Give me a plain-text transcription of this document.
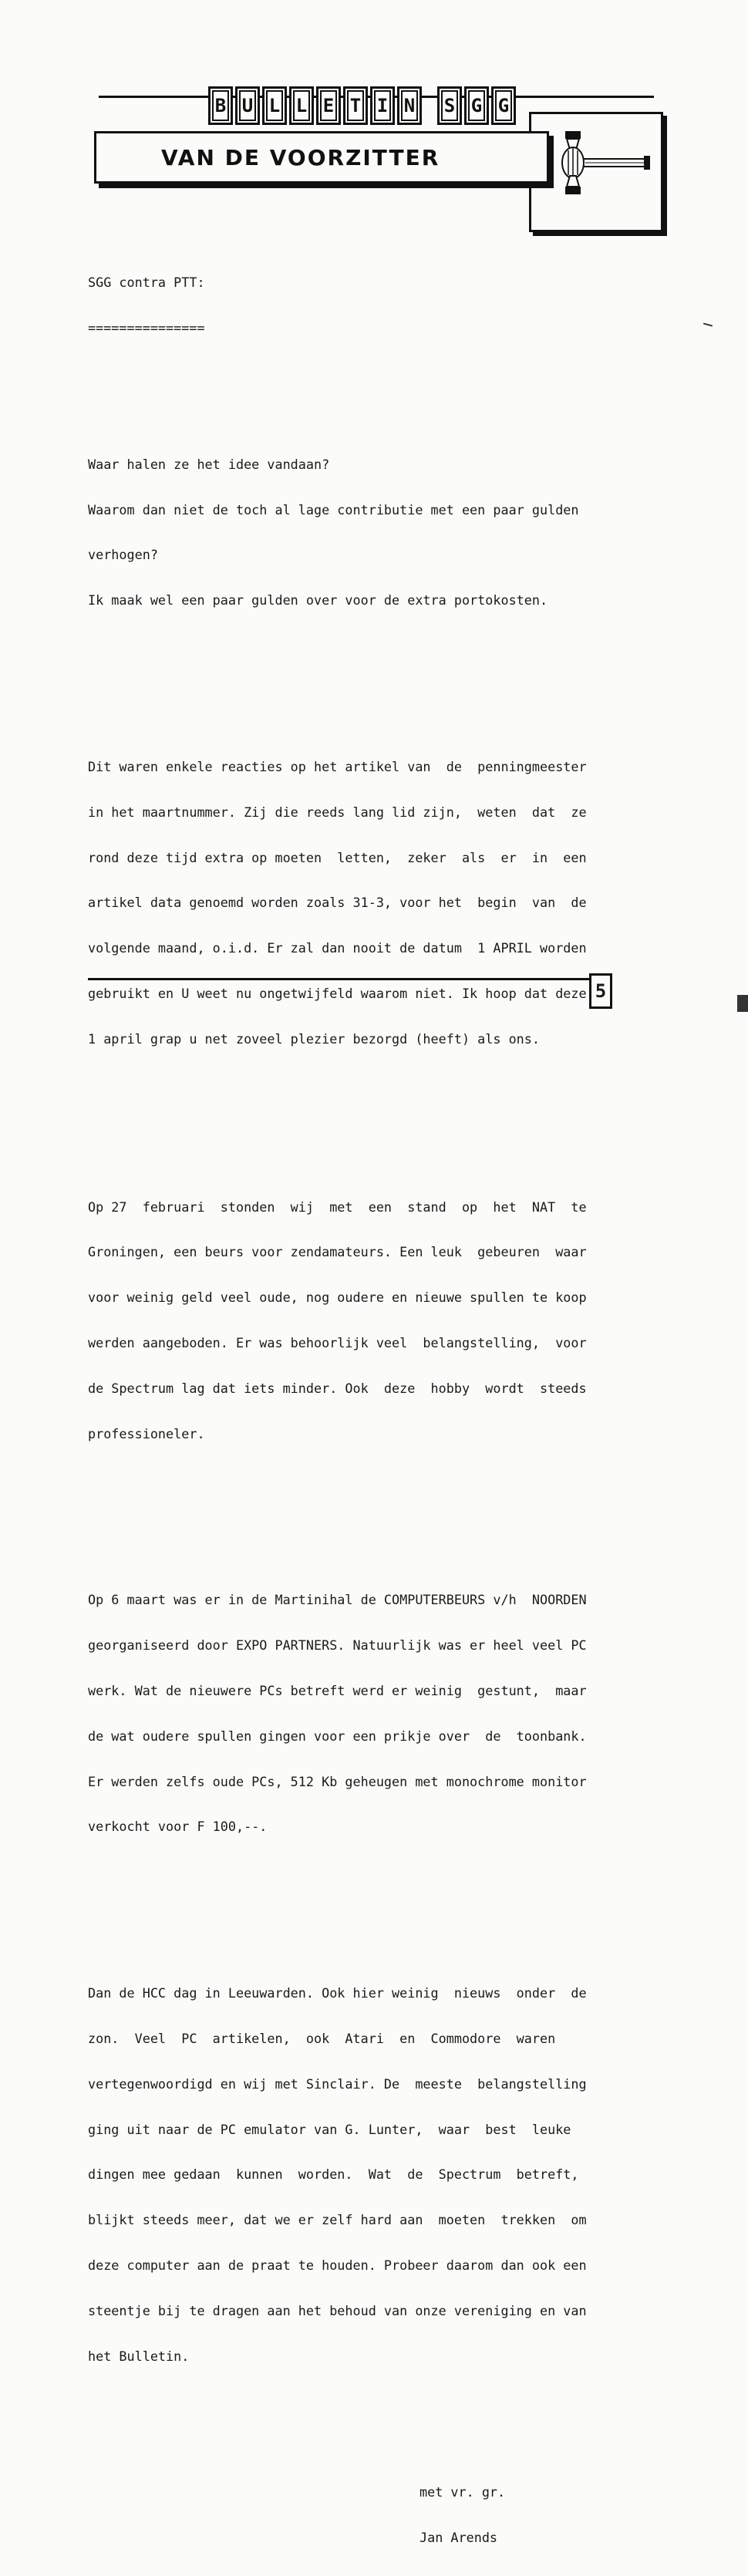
B U L L E T I N	S G G
VAN DE VOORZITTER

SGG contra PTT:

===============

Waar halen ze het idee vandaan?

Waarom dan niet de toch al lage contributie met een paar gulden

verhogen?

Ik maak wel een paar gulden over voor de extra portokosten.

Dit waren enkele reacties op het artikel van  de  penningmeester

in het maartnummer. Zij die reeds lang lid zijn,  weten  dat  ze

rond deze tijd extra op moeten  letten,  zeker  als  er  in  een

artikel data genoemd worden zoals 31-3, voor het  begin  van  de

volgende maand, o.i.d. Er zal dan nooit de datum  1 APRIL worden

gebruikt en U weet nu ongetwijfeld waarom niet. Ik hoop dat deze

1 april grap u net zoveel plezier bezorgd (heeft) als ons.

Op 27  februari  stonden  wij  met  een  stand  op  het  NAT  te

Groningen, een beurs voor zendamateurs. Een leuk  gebeuren  waar

voor weinig geld veel oude, nog oudere en nieuwe spullen te koop

werden aangeboden. Er was behoorlijk veel  belangstelling,  voor

de Spectrum lag dat iets minder. Ook  deze  hobby  wordt  steeds

professioneler.

Op 6 maart was er in de Martinihal de COMPUTERBEURS v/h  NOORDEN

georganiseerd door EXPO PARTNERS. Natuurlijk was er heel veel PC

werk. Wat de nieuwere PCs betreft werd er weinig  gestunt,  maar

de wat oudere spullen gingen voor een prikje over  de  toonbank.

Er werden zelfs oude PCs, 512 Kb geheugen met monochrome monitor

verkocht voor F 100,--.

Dan de HCC dag in Leeuwarden. Ook hier weinig  nieuws  onder  de

zon.  Veel  PC  artikelen,  ook  Atari  en  Commodore  waren

vertegenwoordigd en wij met Sinclair. De  meeste  belangstelling

ging uit naar de PC emulator van G. Lunter,  waar  best  leuke

dingen mee gedaan  kunnen  worden.  Wat  de  Spectrum  betreft,

blijkt steeds meer, dat we er zelf hard aan  moeten  trekken  om

deze computer aan de praat te houden. Probeer daarom dan ook een

steentje bij te dragen aan het behoud van onze vereniging en van

het Bulletin.

met vr. gr.

Jan Arends

5
